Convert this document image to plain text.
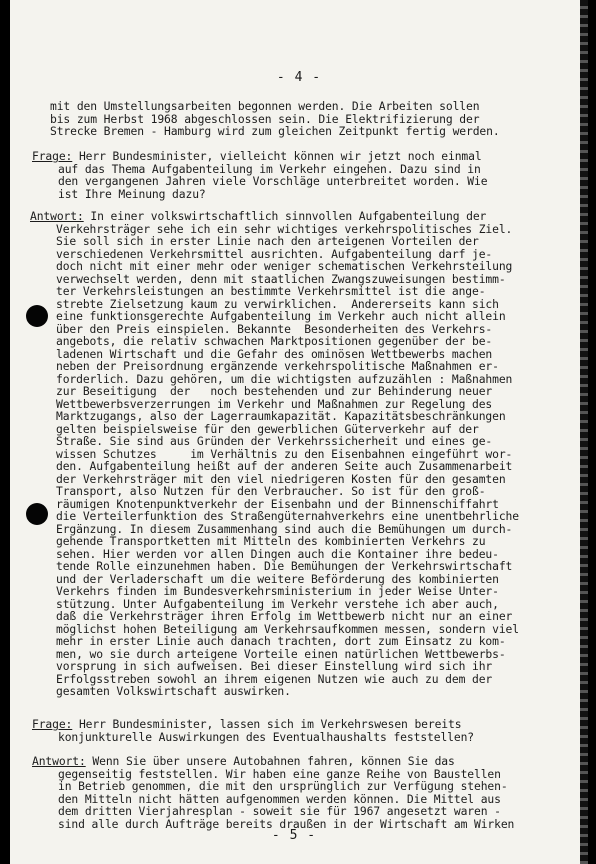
- 4 -
mit den Umstellungsarbeiten begonnen werden. Die Arbeiten sollen
bis zum Herbst 1968 abgeschlossen sein. Die Elektrifizierung der
Strecke Bremen - Hamburg wird zum gleichen Zeitpunkt fertig werden.
Frage: Herr Bundesminister, vielleicht können wir jetzt noch einmal
auf das Thema Aufgabenteilung im Verkehr eingehen. Dazu sind in
den vergangenen Jahren viele Vorschläge unterbreitet worden. Wie
ist Ihre Meinung dazu?
Antwort: In einer volkswirtschaftlich sinnvollen Aufgabenteilung der
Verkehrsträger sehe ich ein sehr wichtiges verkehrspolitisches Ziel.
Sie soll sich in erster Linie nach den arteigenen Vorteilen der
verschiedenen Verkehrsmittel ausrichten. Aufgabenteilung darf je-
doch nicht mit einer mehr oder weniger schematischen Verkehrsteilung
verwechselt werden, denn mit staatlichen Zwangszuweisungen bestimm-
ter Verkehrsleistungen an bestimmte Verkehrsmittel ist die ange-
strebte Zielsetzung kaum zu verwirklichen.  Andererseits kann sich
eine funktionsgerechte Aufgabenteilung im Verkehr auch nicht allein
über den Preis einspielen. Bekannte  Besonderheiten des Verkehrs-
angebots, die relativ schwachen Marktpositionen gegenüber der be-
ladenen Wirtschaft und die Gefahr des ominösen Wettbewerbs machen
neben der Preisordnung ergänzende verkehrspolitische Maßnahmen er-
forderlich. Dazu gehören, um die wichtigsten aufzuzählen : Maßnahmen
zur Beseitigung  der   noch bestehenden und zur Behinderung neuer
Wettbewerbsverzerrungen im Verkehr und Maßnahmen zur Regelung des
Marktzugangs, also der Lagerraumkapazität. Kapazitätsbeschränkungen
gelten beispielsweise für den gewerblichen Güterverkehr auf der
Straße. Sie sind aus Gründen der Verkehrssicherheit und eines ge-
wissen Schutzes     im Verhältnis zu den Eisenbahnen eingeführt wor-
den. Aufgabenteilung heißt auf der anderen Seite auch Zusammenarbeit
der Verkehrsträger mit den viel niedrigeren Kosten für den gesamten
Transport, also Nutzen für den Verbraucher. So ist für den groß-
räumigen Knotenpunktverkehr der Eisenbahn und der Binnenschiffahrt
die Verteilerfunktion des Straßengüternahverkehrs eine unentbehrliche
Ergänzung. In diesem Zusammenhang sind auch die Bemühungen um durch-
gehende Transportketten mit Mitteln des kombinierten Verkehrs zu
sehen. Hier werden vor allen Dingen auch die Kontainer ihre bedeu-
tende Rolle einzunehmen haben. Die Bemühungen der Verkehrswirtschaft
und der Verladerschaft um die weitere Beförderung des kombinierten
Verkehrs finden im Bundesverkehrsministerium in jeder Weise Unter-
stützung. Unter Aufgabenteilung im Verkehr verstehe ich aber auch,
daß die Verkehrsträger ihren Erfolg im Wettbewerb nicht nur an einer
möglichst hohen Beteiligung am Verkehrsaufkommen messen, sondern viel
mehr in erster Linie auch danach trachten, dort zum Einsatz zu kom-
men, wo sie durch arteigene Vorteile einen natürlichen Wettbewerbs-
vorsprung in sich aufweisen. Bei dieser Einstellung wird sich ihr
Erfolgsstreben sowohl an ihrem eigenen Nutzen wie auch zu dem der
gesamten Volkswirtschaft auswirken.
Frage: Herr Bundesminister, lassen sich im Verkehrswesen bereits
konjunkturelle Auswirkungen des Eventualhaushalts feststellen?
Antwort: Wenn Sie über unsere Autobahnen fahren, können Sie das
gegenseitig feststellen. Wir haben eine ganze Reihe von Baustellen
in Betrieb genommen, die mit den ursprünglich zur Verfügung stehen-
den Mitteln nicht hätten aufgenommen werden können. Die Mittel aus
dem dritten Vierjahresplan - soweit sie für 1967 angesetzt waren -
sind alle durch Aufträge bereits draußen in der Wirtschaft am Wirken
- 5 -
